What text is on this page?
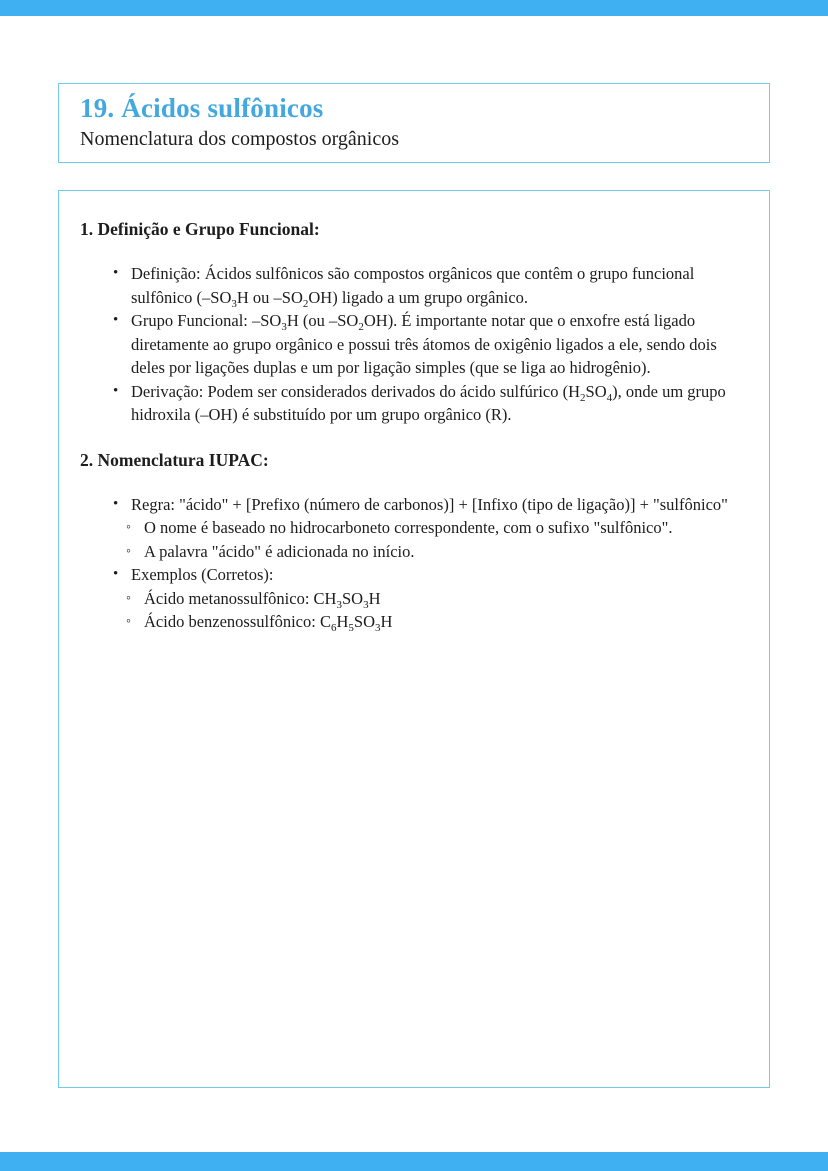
19. Ácidos sulfônicos
Nomenclatura dos compostos orgânicos
1. Definição e Grupo Funcional:
• Definição: Ácidos sulfônicos são compostos orgânicos que contêm o grupo funcional sulfônico ($-SO_3H$ ou $-SO_2OH$) ligado a um grupo orgânico.
• Grupo Funcional: $-SO_3H$ (ou $-SO_2OH$). É importante notar que o enxofre está ligado diretamente ao grupo orgânico e possui três átomos de oxigênio ligados a ele, sendo dois deles por ligações duplas e um por ligação simples (que se liga ao hidrogênio).
• Derivação: Podem ser considerados derivados do ácido sulfúrico $(H_2SO_4)$, onde um grupo hidroxila (–OH) é substituído por um grupo orgânico (R).
2. Nomenclatura IUPAC:
• Regra: "ácido" + [Prefixo (número de carbonos)] + [Infixo (tipo de ligação)] + "sulfônico"
◦ O nome é baseado no hidrocarboneto correspondente, com o sufixo "sulfônico".
◦ A palavra "ácido" é adicionada no início.
• Exemplos (Corretos):
◦ Ácido metanossulfônico: $CH_3SO_3H$
◦ Ácido benzenossulfônico: $C_6H_5SO_3H$
